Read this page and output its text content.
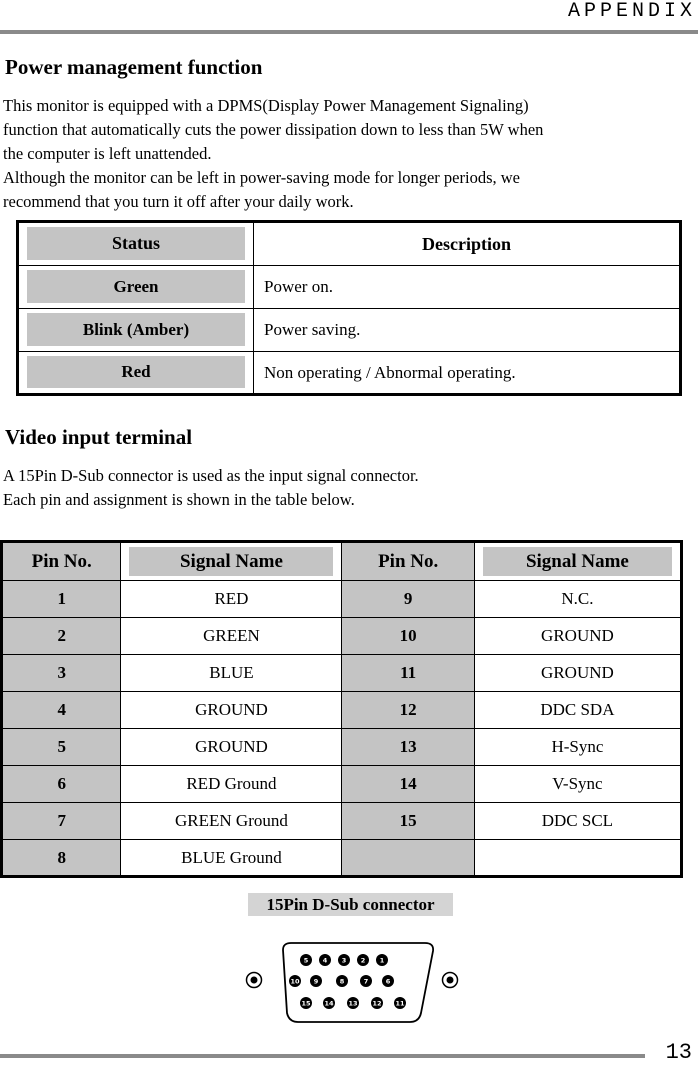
APPENDIX
Power management function
This monitor is equipped with a DPMS(Display Power Management Signaling)
function that automatically cuts the power dissipation down to less than 5W when
the computer is left unattended.
Although the monitor can be left in power-saving mode for longer periods, we
recommend that you turn it off after your daily work.
Status	Description

Green	Power on.

Blink (Amber)	Power saving.

Red	Non operating / Abnormal operating.
Video input terminal
A 15Pin D-Sub connector is used as the input signal connector.
Each pin and assignment is shown in the table below.
Pin No.	Signal Name	Pin No.	Signal Name

1	RED	9	N.C.
2	GREEN	10	GROUND
3	BLUE	11	GROUND
4	GROUND	12	DDC SDA
5	GROUND	13	H-Sync
6	RED Ground	14	V-Sync
7	GREEN Ground	15	DDC SCL
8	BLUE Ground		
15Pin D-Sub connector
5 4 3 2 1
10 9	8	7	6
15 14 13 12 11
13
